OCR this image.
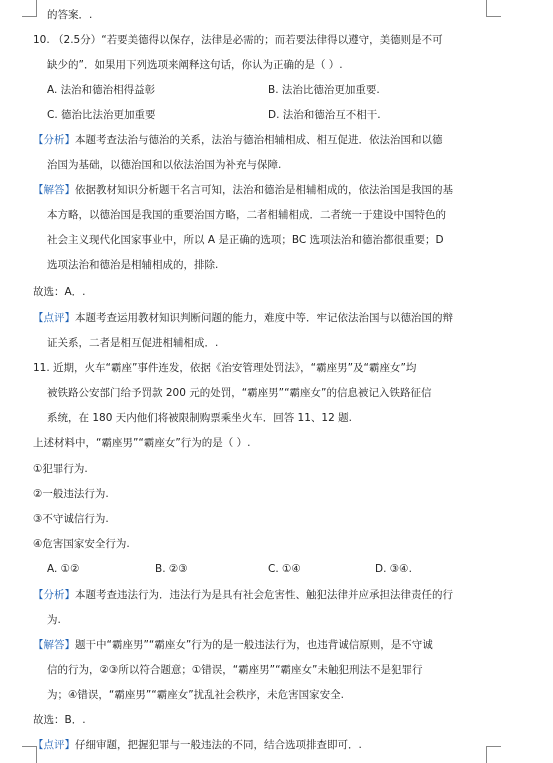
的答案．.
10. （2.5分）“若要美德得以保存，法律是必需的；而若要法律得以遵守，美德则是不可
缺少的”．如果用下列选项来阐释这句话，你认为正确的是（ ）.
A. 法治和德治相得益彰	B. 法治比德治更加重要.
C. 德治比法治更加重要	D. 法治和德治互不相干.
【分析】本题考查法治与德治的关系，法治与德治相辅相成、相互促进．依法治国和以德
治国为基础，以德治国和以依法治国为补充与保障.
【解答】依据教材知识分析题干名言可知，法治和德治是相辅相成的，依法治国是我国的基
本方略，以德治国是我国的重要治国方略，二者相辅相成．二者统一于建设中国特色的
社会主义现代化国家事业中，所以 A 是正确的选项；BC 选项法治和德治都很重要；D
选项法治和德治是相辅相成的，排除.
故选：A．.
【点评】本题考查运用教材知识判断问题的能力，难度中等．牢记依法治国与以德治国的辩
证关系，二者是相互促进相辅相成．.
11. 近期，火车“霸座”事件连发，依据《治安管理处罚法》，“霸座男”及“霸座女”均
被铁路公安部门给予罚款 200 元的处罚，“霸座男”“霸座女”的信息被记入铁路征信
系统，在 180 天内他们将被限制购票乘坐火车．回答 11、12 题.
上述材料中，“霸座男”“霸座女”行为的是（ ）.
①犯罪行为.
②一般违法行为.
③不守诚信行为.
④危害国家安全行为.
A. ①②	B. ②③	C. ①④	D. ③④.
【分析】本题考查违法行为．违法行为是具有社会危害性、触犯法律并应承担法律责任的行
为.
【解答】题干中“霸座男”“霸座女”行为的是一般违法行为，也违背诚信原则，是不守诚
信的行为，②③所以符合题意；①错误，“霸座男”“霸座女”未触犯刑法不是犯罪行
为；④错误，“霸座男”“霸座女”扰乱社会秩序，未危害国家安全.
故选：B．.
【点评】仔细审题，把握犯罪与一般违法的不同，结合选项排查即可．.
